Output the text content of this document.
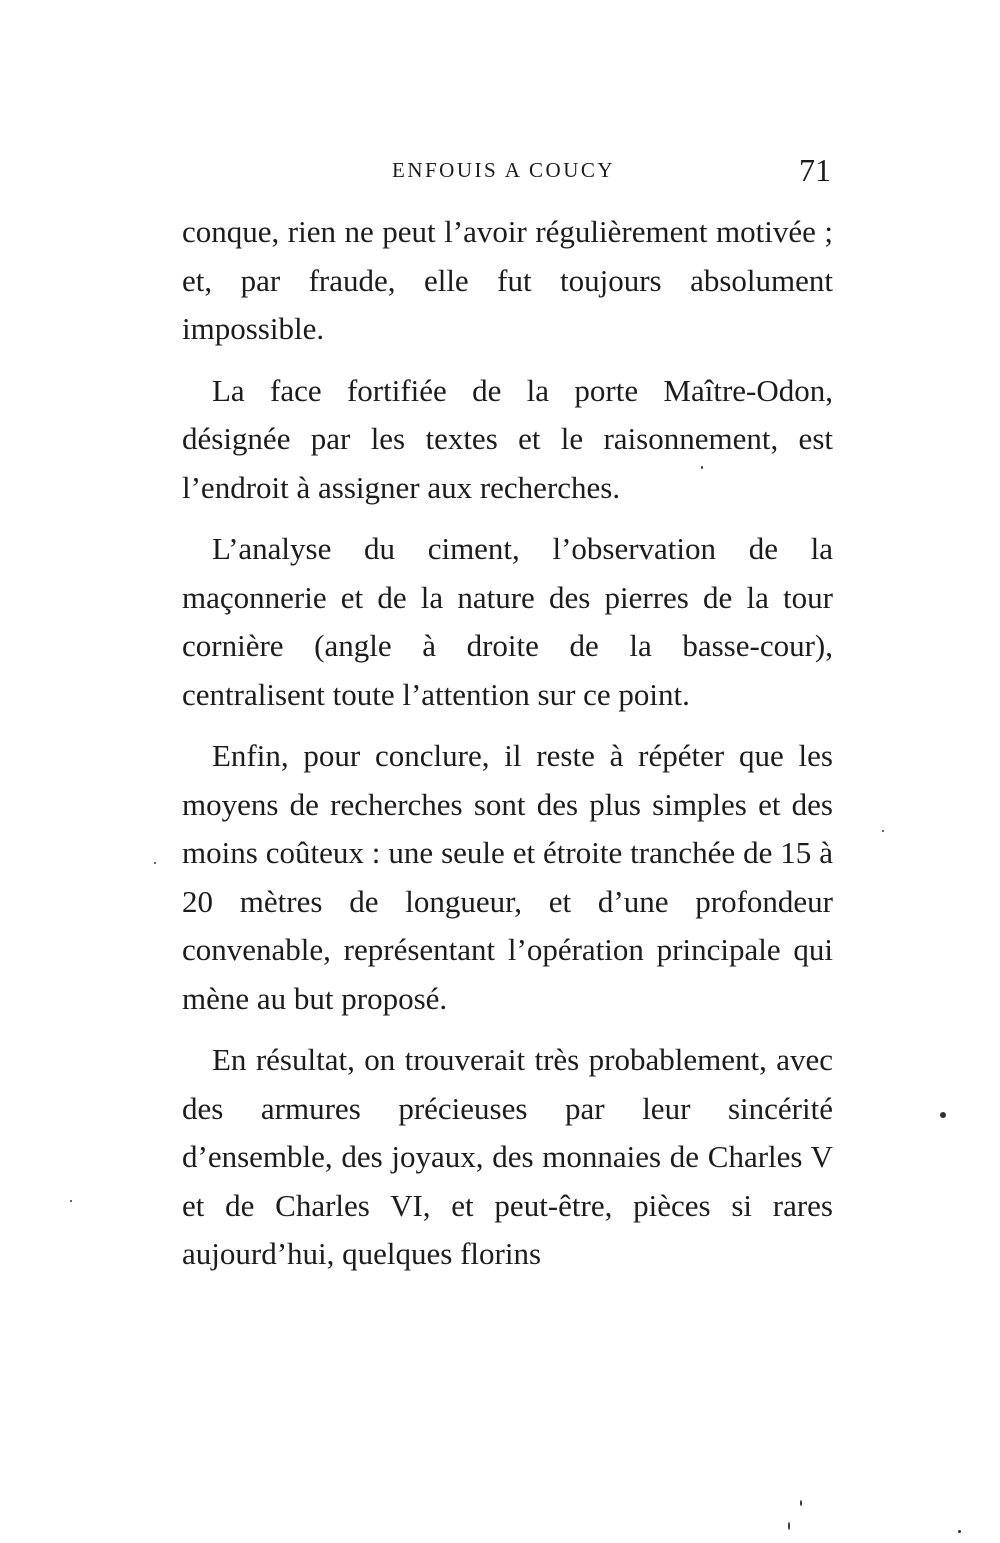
ENFOUIS A COUCY	71

conque, rien ne peut l’avoir régulièrement motivée ; et, par fraude, elle fut toujours absolument impossible.

La face fortifiée de la porte Maître-Odon, désignée par les textes et le raisonnement, est l’endroit à assigner aux recherches.

L’analyse du ciment, l’observation de la maçonnerie et de la nature des pierres de la tour cornière (angle à droite de la basse-cour), centralisent toute l’attention sur ce point.

Enfin, pour conclure, il reste à répéter que les moyens de recherches sont des plus simples et des moins coûteux : une seule et étroite tranchée de 15 à 20 mètres de longueur, et d’une profondeur convenable, représentant l’opération principale qui mène au but proposé.

En résultat, on trouverait très probablement, avec des armures précieuses par leur sincérité d’ensemble, des joyaux, des monnaies de Charles V et de Charles VI, et peut-être, pièces si rares aujourd’hui, quelques florins
